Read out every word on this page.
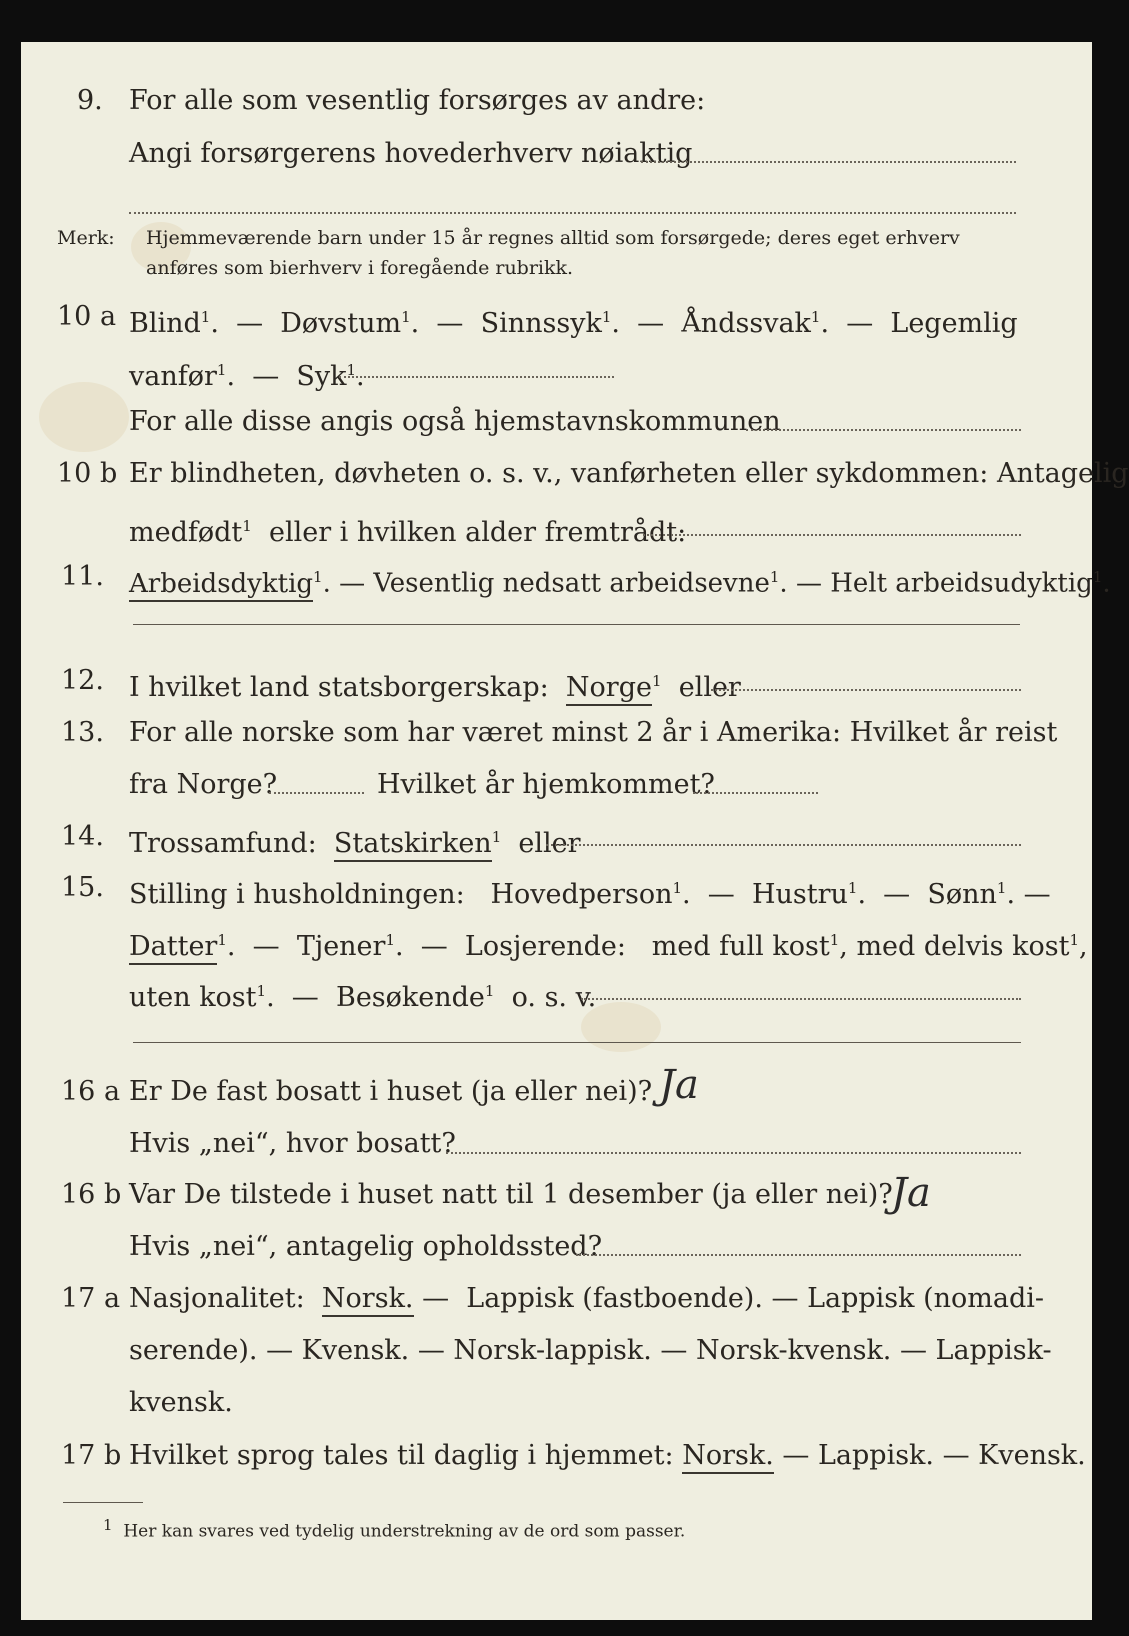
9. For alle som vesentlig forsørges av andre:
Angi forsørgerens hovederhverv nøiaktig
Merk: Hjemmeværende barn under 15 år regnes alltid som forsørgede; deres eget erhverv
anføres som bierhverv i foregående rubrikk.
10 a Blind$^1$.  —  Døvstum$^1$.  —  Sinnssyk$^1$.  —  Åndssvak$^1$.  —  Legemlig
vanfør$^1$.  —  Syk$^1$.
For alle disse angis også hjemstavnskommunen
10 b Er blindheten, døvheten o. s. v., vanførheten eller sykdommen: Antagelig
medfødt$^1$ eller i hvilken alder fremtrådt:
11. Arbeidsdyktig$^1$. — Vesentlig nedsatt arbeidsevne$^1$. — Helt arbeidsudyktig$^1$.
12. I hvilket land statsborgerskap: Norge$^1$ eller
13. For alle norske som har været minst 2 år i Amerika: Hvilket år reist
fra Norge?	Hvilket år hjemkommet?
14. Trossamfund: Statskirken$^1$ eller
15. Stilling i husholdningen: Hovedperson$^1$.  —  Hustru$^1$.  —  Sønn$^1$. —
Datter$^1$.  —  Tjener$^1$.  —  Losjerende: med full kost$^1$, med delvis kost$^1$,
uten kost$^1$.  —  Besøkende$^1$ o. s. v.
16 a Er De fast bosatt i huset (ja eller nei)? Ja
Hvis „nei“, hvor bosatt?
16 b Var De tilstede i huset natt til 1 desember (ja eller nei)?
Ja
Hvis „nei“, antagelig opholdssted?
17 a Nasjonalitet: Norsk. —  Lappisk (fastboende). — Lappisk (nomadi-
serende). — Kvensk. — Norsk-lappisk. — Norsk-kvensk. — Lappisk-
kvensk.
17 b Hvilket sprog tales til daglig i hjemmet: Norsk. — Lappisk. — Kvensk.
$^1$ Her kan svares ved tydelig understrekning av de ord som passer.
